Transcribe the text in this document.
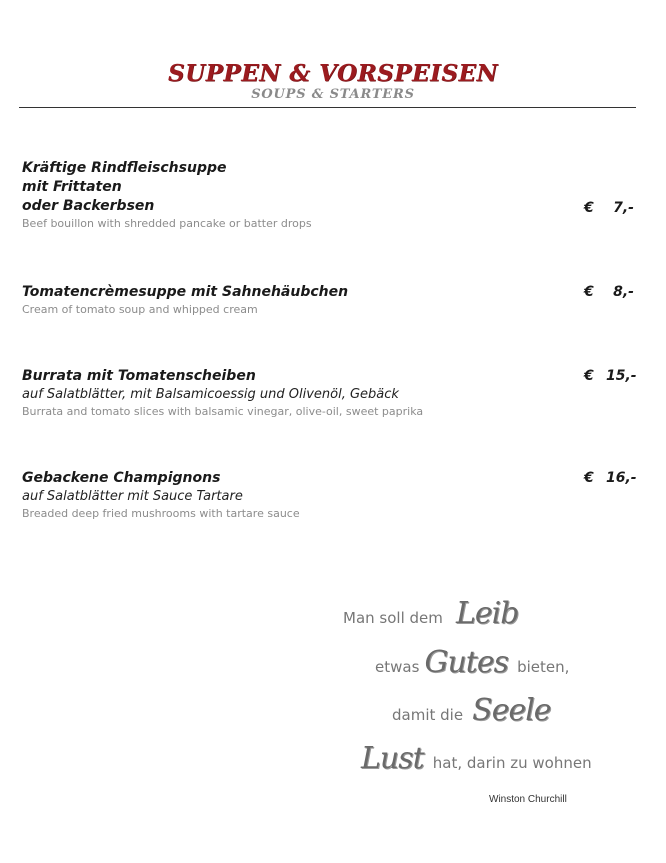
SUPPEN & VORSPEISEN
SOUPS & STARTERS
Kräftige Rindfleischsuppe
mit Frittaten
oder Backerbsen
Beef bouillon with shredded pancake or batter drops
€ 7,-
Tomatencrèmesuppe mit Sahnehäubchen
Cream of tomato soup and whipped cream
€ 8,-
Burrata mit Tomatenscheiben
auf Salatblätter, mit Balsamicoessig und Olivenöl, Gebäck
Burrata and tomato slices with balsamic vinegar, olive-oil, sweet paprika
€ 15,-
Gebackene Champignons
auf Salatblätter mit Sauce Tartare
Breaded deep fried mushrooms with tartare sauce
€ 16,-
Man soll dem Leib
etwas Gutes bieten,
damit die Seele
Lust hat, darin zu wohnen
Winston Churchill
